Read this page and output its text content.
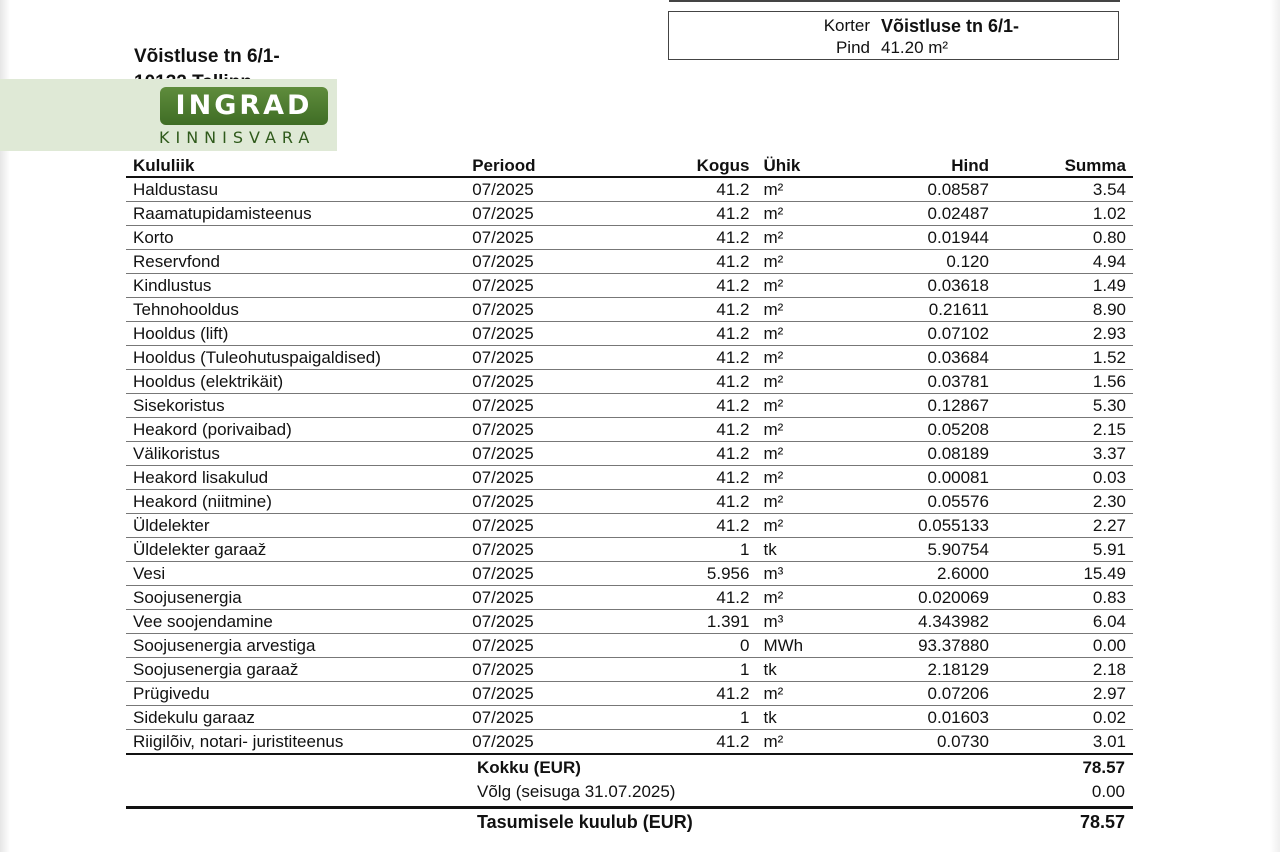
Korter Võistluse tn 6/1-
Pind 41.20 m²
Võistluse tn 6/1-
INGRAD
KINNISVARA
Kululiik	Periood	Kogus	Ühik	Hind	Summa
Haldustasu	07/2025	41.2	m²	0.08587	3.54
Raamatupidamisteenus	07/2025	41.2	m²	0.02487	1.02
Korto	07/2025	41.2	m²	0.01944	0.80
Reservfond	07/2025	41.2	m²	0.120	4.94
Kindlustus	07/2025	41.2	m²	0.03618	1.49
Tehnohooldus	07/2025	41.2	m²	0.21611	8.90
Hooldus (lift)	07/2025	41.2	m²	0.07102	2.93
Hooldus (Tuleohutuspaigaldised)	07/2025	41.2	m²	0.03684	1.52
Hooldus (elektrikäit)	07/2025	41.2	m²	0.03781	1.56
Sisekoristus	07/2025	41.2	m²	0.12867	5.30
Heakord (porivaibad)	07/2025	41.2	m²	0.05208	2.15
Välikoristus	07/2025	41.2	m²	0.08189	3.37
Heakord lisakulud	07/2025	41.2	m²	0.00081	0.03
Heakord (niitmine)	07/2025	41.2	m²	0.05576	2.30
Üldelekter	07/2025	41.2	m²	0.055133	2.27
Üldelekter garaaž	07/2025	1	tk	5.90754	5.91
Vesi	07/2025	5.956	m³	2.6000	15.49
Soojusenergia	07/2025	41.2	m²	0.020069	0.83
Vee soojendamine	07/2025	1.391	m³	4.343982	6.04
Soojusenergia arvestiga	07/2025	0	MWh	93.37880	0.00
Soojusenergia garaaž	07/2025	1	tk	2.18129	2.18
Prügivedu	07/2025	41.2	m²	0.07206	2.97
Sidekulu garaaz	07/2025	1	tk	0.01603	0.02
Riigilõiv, notari- juristiteenus	07/2025	41.2	m²	0.0730	3.01
Kokku (EUR)	78.57
Võlg (seisuga 31.07.2025)	0.00
Tasumisele kuulub (EUR)	78.57
